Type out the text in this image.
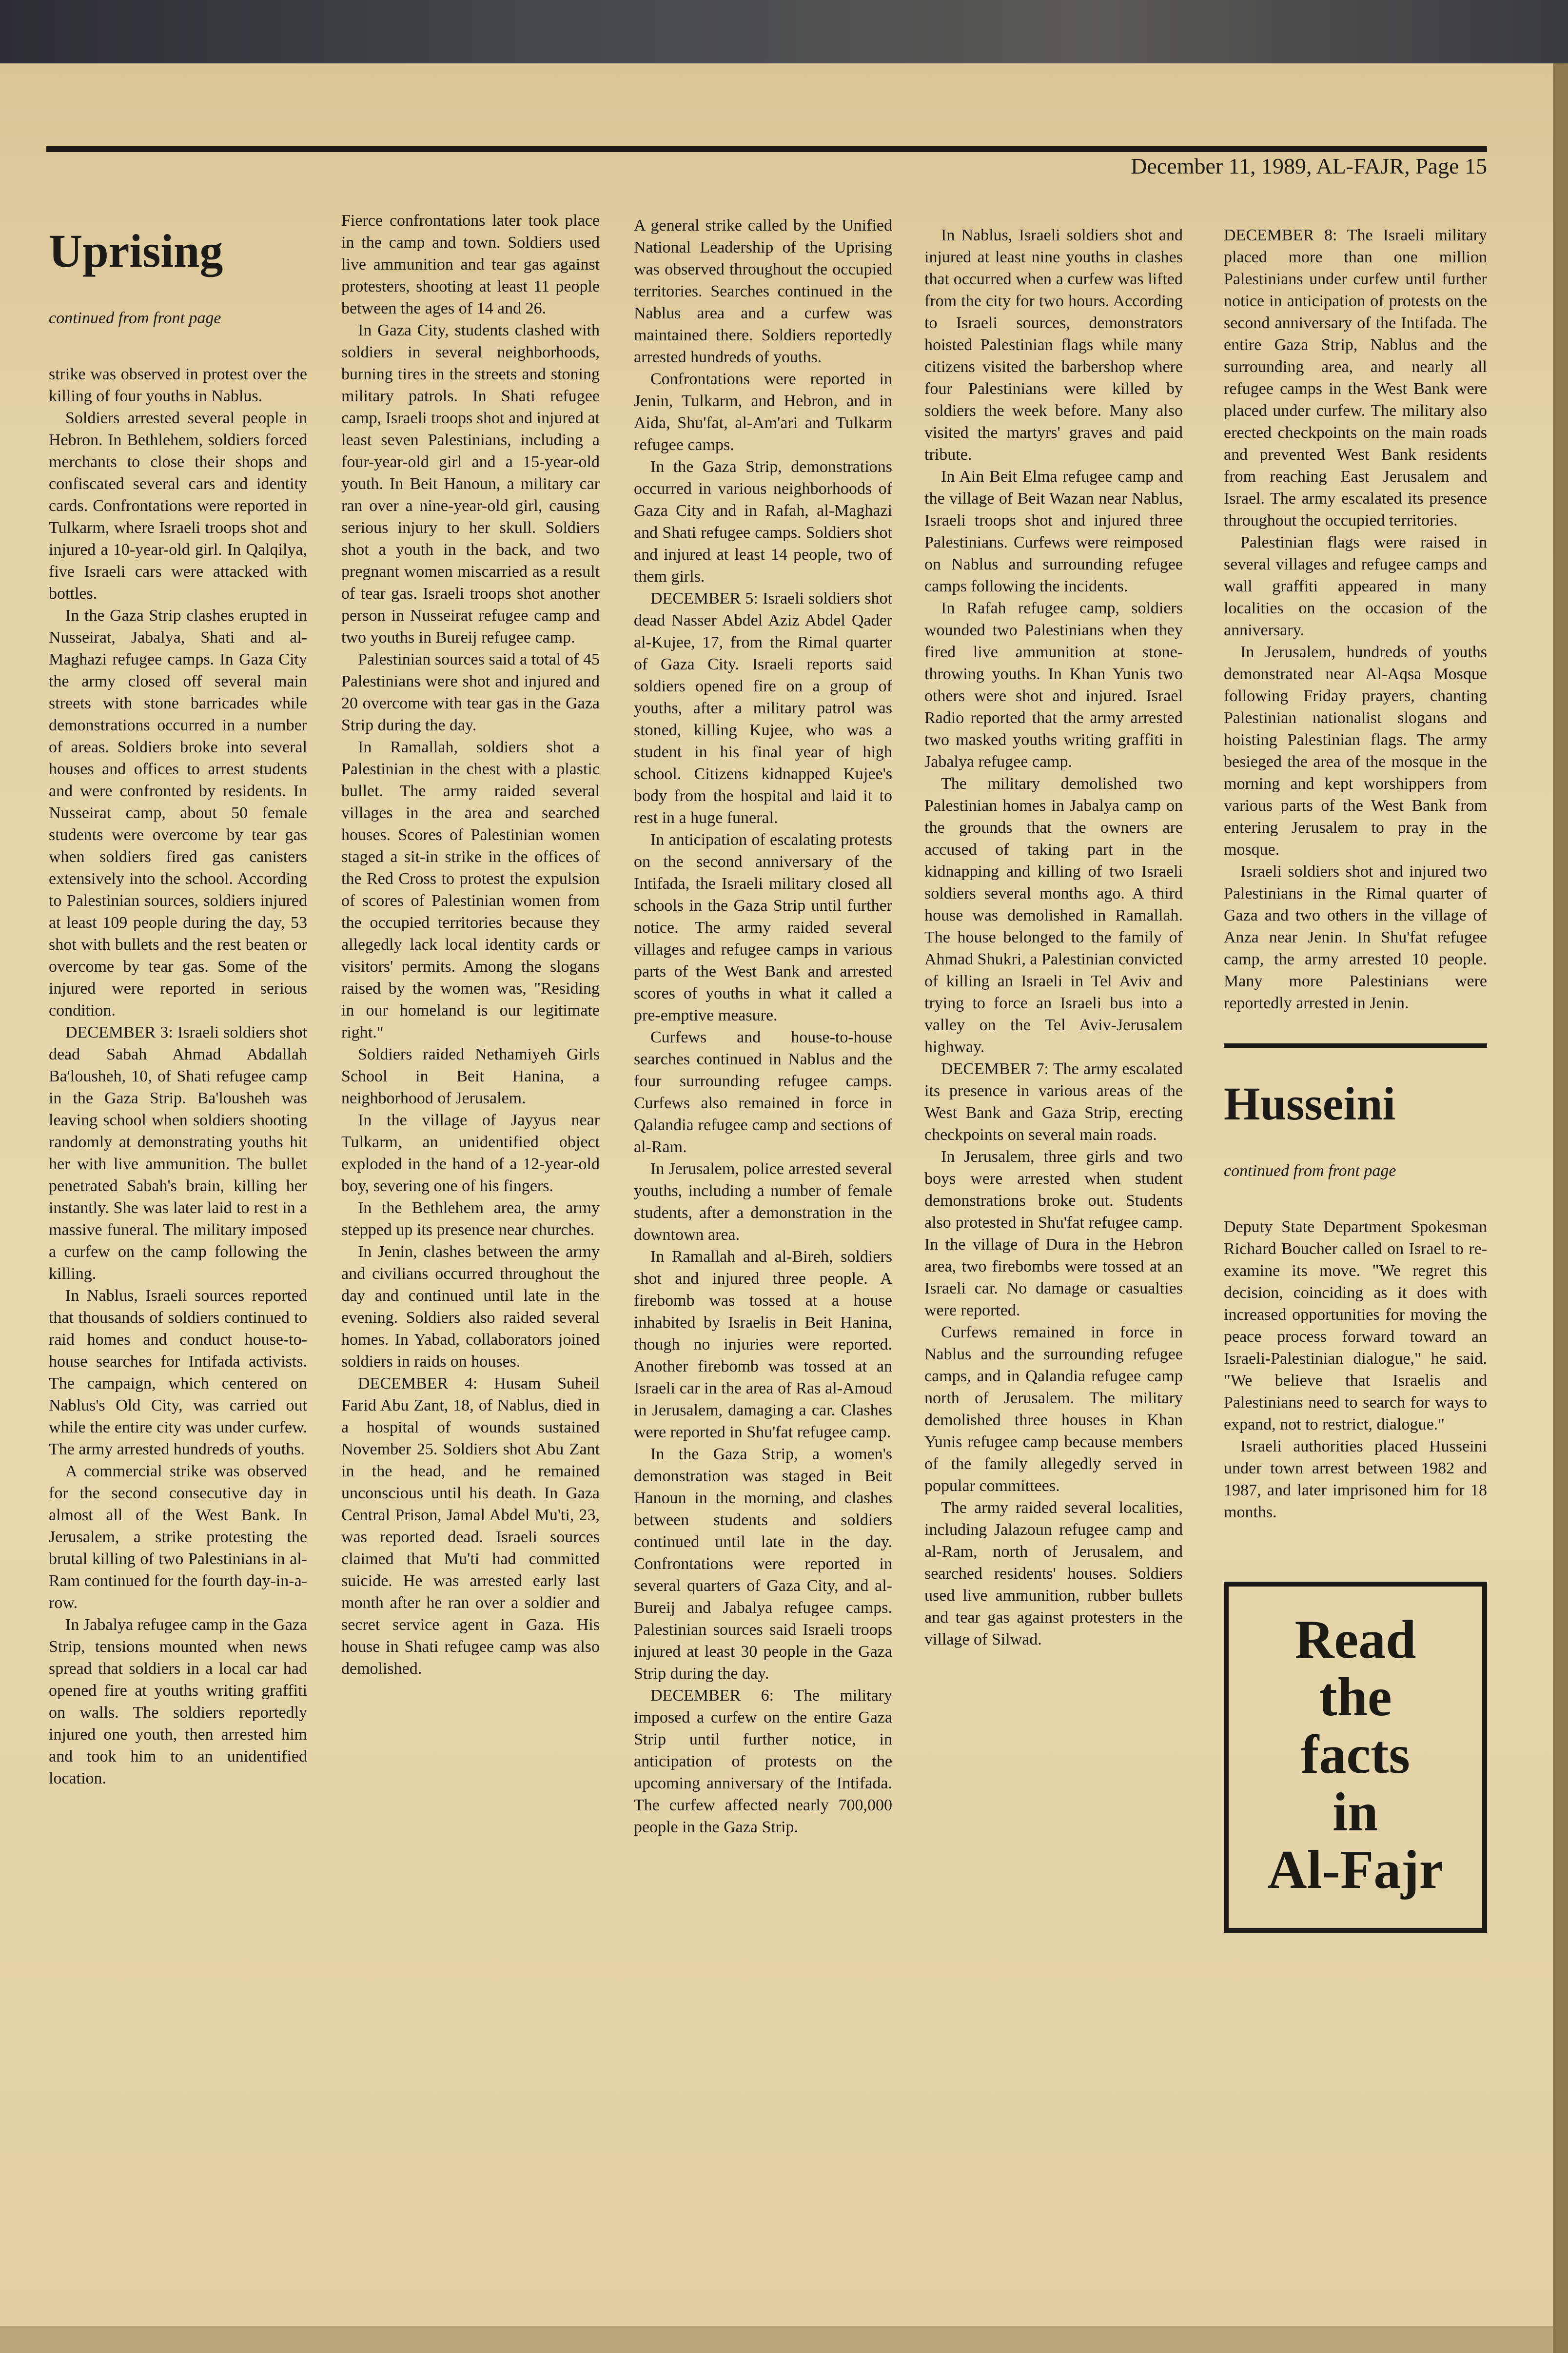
December 11, 1989, AL-FAJR, Page 15
Uprising

continued from front page

strike was observed in protest over the killing of four youths in Nablus.

Soldiers arrested several people in Hebron. In Bethlehem, soldiers forced merchants to close their shops and confiscated several cars and identity cards. Confrontations were reported in Tulkarm, where Israeli troops shot and injured a 10-year-old girl. In Qalqilya, five Israeli cars were attacked with bottles.

In the Gaza Strip clashes erupted in Nusseirat, Jabalya, Shati and al-Maghazi refugee camps. In Gaza City the army closed off several main streets with stone barricades while demonstrations occurred in a number of areas. Soldiers broke into several houses and offices to arrest students and were confronted by residents. In Nusseirat camp, about 50 female students were overcome by tear gas when soldiers fired gas canisters extensively into the school. According to Palestinian sources, soldiers injured at least 109 people during the day, 53 shot with bullets and the rest beaten or overcome by tear gas. Some of the injured were reported in serious condition.

DECEMBER 3: Israeli soldiers shot dead Sabah Ahmad Abdallah Ba'lousheh, 10, of Shati refugee camp in the Gaza Strip. Ba'lousheh was leaving school when soldiers shooting randomly at demonstrating youths hit her with live ammunition. The bullet penetrated Sabah's brain, killing her instantly. She was later laid to rest in a massive funeral. The military imposed a curfew on the camp following the killing.

In Nablus, Israeli sources reported that thousands of soldiers continued to raid homes and conduct house-to-house searches for Intifada activists. The campaign, which centered on Nablus's Old City, was carried out while the entire city was under curfew. The army arrested hundreds of youths.

A commercial strike was observed for the second consecutive day in almost all of the West Bank. In Jerusalem, a strike protesting the brutal killing of two Palestinians in al-Ram continued for the fourth day-in-a-row.

In Jabalya refugee camp in the Gaza Strip, tensions mounted when news spread that soldiers in a local car had opened fire at youths writing graffiti on walls. The soldiers reportedly injured one youth, then arrested him and took him to an unidentified location.

Fierce confrontations later took place in the camp and town. Soldiers used live ammunition and tear gas against protesters, shooting at least 11 people between the ages of 14 and 26.

In Gaza City, students clashed with soldiers in several neighborhoods, burning tires in the streets and stoning military patrols. In Shati refugee camp, Israeli troops shot and injured at least seven Palestinians, including a four-year-old girl and a 15-year-old youth. In Beit Hanoun, a military car ran over a nine-year-old girl, causing serious injury to her skull. Soldiers shot a youth in the back, and two pregnant women miscarried as a result of tear gas. Israeli troops shot another person in Nusseirat refugee camp and two youths in Bureij refugee camp.

Palestinian sources said a total of 45 Palestinians were shot and injured and 20 overcome with tear gas in the Gaza Strip during the day.

In Ramallah, soldiers shot a Palestinian in the chest with a plastic bullet. The army raided several villages in the area and searched houses. Scores of Palestinian women staged a sit-in strike in the offices of the Red Cross to protest the expulsion of scores of Palestinian women from the occupied territories because they allegedly lack local identity cards or visitors' permits. Among the slogans raised by the women was, "Residing in our homeland is our legitimate right."

Soldiers raided Nethamiyeh Girls School in Beit Hanina, a neighborhood of Jerusalem.

In the village of Jayyus near Tulkarm, an unidentified object exploded in the hand of a 12-year-old boy, severing one of his fingers.

In the Bethlehem area, the army stepped up its presence near churches.

In Jenin, clashes between the army and civilians occurred throughout the day and continued until late in the evening. Soldiers also raided several homes. In Yabad, collaborators joined soldiers in raids on houses.

DECEMBER 4: Husam Suheil Farid Abu Zant, 18, of Nablus, died in a hospital of wounds sustained November 25. Soldiers shot Abu Zant in the head, and he remained unconscious until his death. In Gaza Central Prison, Jamal Abdel Mu'ti, 23, was reported dead. Israeli sources claimed that Mu'ti had committed suicide. He was arrested early last month after he ran over a soldier and secret service agent in Gaza. His house in Shati refugee camp was also demolished.

A general strike called by the Unified National Leadership of the Uprising was observed throughout the occupied territories. Searches continued in the Nablus area and a curfew was maintained there. Soldiers reportedly arrested hundreds of youths.

Confrontations were reported in Jenin, Tulkarm, and Hebron, and in Aida, Shu'fat, al-Am'ari and Tulkarm refugee camps.

In the Gaza Strip, demonstrations occurred in various neighborhoods of Gaza City and in Rafah, al-Maghazi and Shati refugee camps. Soldiers shot and injured at least 14 people, two of them girls.

DECEMBER 5: Israeli soldiers shot dead Nasser Abdel Aziz Abdel Qader al-Kujee, 17, from the Rimal quarter of Gaza City. Israeli reports said soldiers opened fire on a group of youths, after a military patrol was stoned, killing Kujee, who was a student in his final year of high school. Citizens kidnapped Kujee's body from the hospital and laid it to rest in a huge funeral.

In anticipation of escalating protests on the second anniversary of the Intifada, the Israeli military closed all schools in the Gaza Strip until further notice. The army raided several villages and refugee camps in various parts of the West Bank and arrested scores of youths in what it called a pre-emptive measure.

Curfews and house-to-house searches continued in Nablus and the four surrounding refugee camps. Curfews also remained in force in Qalandia refugee camp and sections of al-Ram.

In Jerusalem, police arrested several youths, including a number of female students, after a demonstration in the downtown area.

In Ramallah and al-Bireh, soldiers shot and injured three people. A firebomb was tossed at a house inhabited by Israelis in Beit Hanina, though no injuries were reported. Another firebomb was tossed at an Israeli car in the area of Ras al-Amoud in Jerusalem, damaging a car. Clashes were reported in Shu'fat refugee camp.

In the Gaza Strip, a women's demonstration was staged in Beit Hanoun in the morning, and clashes between students and soldiers continued until late in the day. Confrontations were reported in several quarters of Gaza City, and al-Bureij and Jabalya refugee camps. Palestinian sources said Israeli troops injured at least 30 people in the Gaza Strip during the day.

DECEMBER 6: The military imposed a curfew on the entire Gaza Strip until further notice, in anticipation of protests on the upcoming anniversary of the Intifada. The curfew affected nearly 700,000 people in the Gaza Strip.

In Nablus, Israeli soldiers shot and injured at least nine youths in clashes that occurred when a curfew was lifted from the city for two hours. According to Israeli sources, demonstrators hoisted Palestinian flags while many citizens visited the barbershop where four Palestinians were killed by soldiers the week before. Many also visited the martyrs' graves and paid tribute.

In Ain Beit Elma refugee camp and the village of Beit Wazan near Nablus, Israeli troops shot and injured three Palestinians. Curfews were reimposed on Nablus and surrounding refugee camps following the incidents.

In Rafah refugee camp, soldiers wounded two Palestinians when they fired live ammunition at stone-throwing youths. In Khan Yunis two others were shot and injured. Israel Radio reported that the army arrested two masked youths writing graffiti in Jabalya refugee camp.

The military demolished two Palestinian homes in Jabalya camp on the grounds that the owners are accused of taking part in the kidnapping and killing of two Israeli soldiers several months ago. A third house was demolished in Ramallah. The house belonged to the family of Ahmad Shukri, a Palestinian convicted of killing an Israeli in Tel Aviv and trying to force an Israeli bus into a valley on the Tel Aviv-Jerusalem highway.

DECEMBER 7: The army escalated its presence in various areas of the West Bank and Gaza Strip, erecting checkpoints on several main roads.

In Jerusalem, three girls and two boys were arrested when student demonstrations broke out. Students also protested in Shu'fat refugee camp. In the village of Dura in the Hebron area, two firebombs were tossed at an Israeli car. No damage or casualties were reported.

Curfews remained in force in Nablus and the surrounding refugee camps, and in Qalandia refugee camp north of Jerusalem. The military demolished three houses in Khan Yunis refugee camp because members of the family allegedly served in popular committees.

The army raided several localities, including Jalazoun refugee camp and al-Ram, north of Jerusalem, and searched residents' houses. Soldiers used live ammunition, rubber bullets and tear gas against protesters in the village of Silwad.

DECEMBER 8: The Israeli military placed more than one million Palestinians under curfew until further notice in anticipation of protests on the second anniversary of the Intifada. The entire Gaza Strip, Nablus and the surrounding area, and nearly all refugee camps in the West Bank were placed under curfew. The military also erected checkpoints on the main roads and prevented West Bank residents from reaching East Jerusalem and Israel. The army escalated its presence throughout the occupied territories.

Palestinian flags were raised in several villages and refugee camps and wall graffiti appeared in many localities on the occasion of the anniversary.

In Jerusalem, hundreds of youths demonstrated near Al-Aqsa Mosque following Friday prayers, chanting Palestinian nationalist slogans and hoisting Palestinian flags. The army besieged the area of the mosque in the morning and kept worshippers from various parts of the West Bank from entering Jerusalem to pray in the mosque.

Israeli soldiers shot and injured two Palestinians in the Rimal quarter of Gaza and two others in the village of Anza near Jenin. In Shu'fat refugee camp, the army arrested 10 people. Many more Palestinians were reportedly arrested in Jenin.

Husseini

continued from front page

Deputy State Department Spokesman Richard Boucher called on Israel to re-examine its move. "We regret this decision, coinciding as it does with increased opportunities for moving the peace process forward toward an Israeli-Palestinian dialogue," he said. "We believe that Israelis and Palestinians need to search for ways to expand, not to restrict, dialogue."

Israeli authorities placed Husseini under town arrest between 1982 and 1987, and later imprisoned him for 18 months.

Read
the
facts
in
Al-Fajr
